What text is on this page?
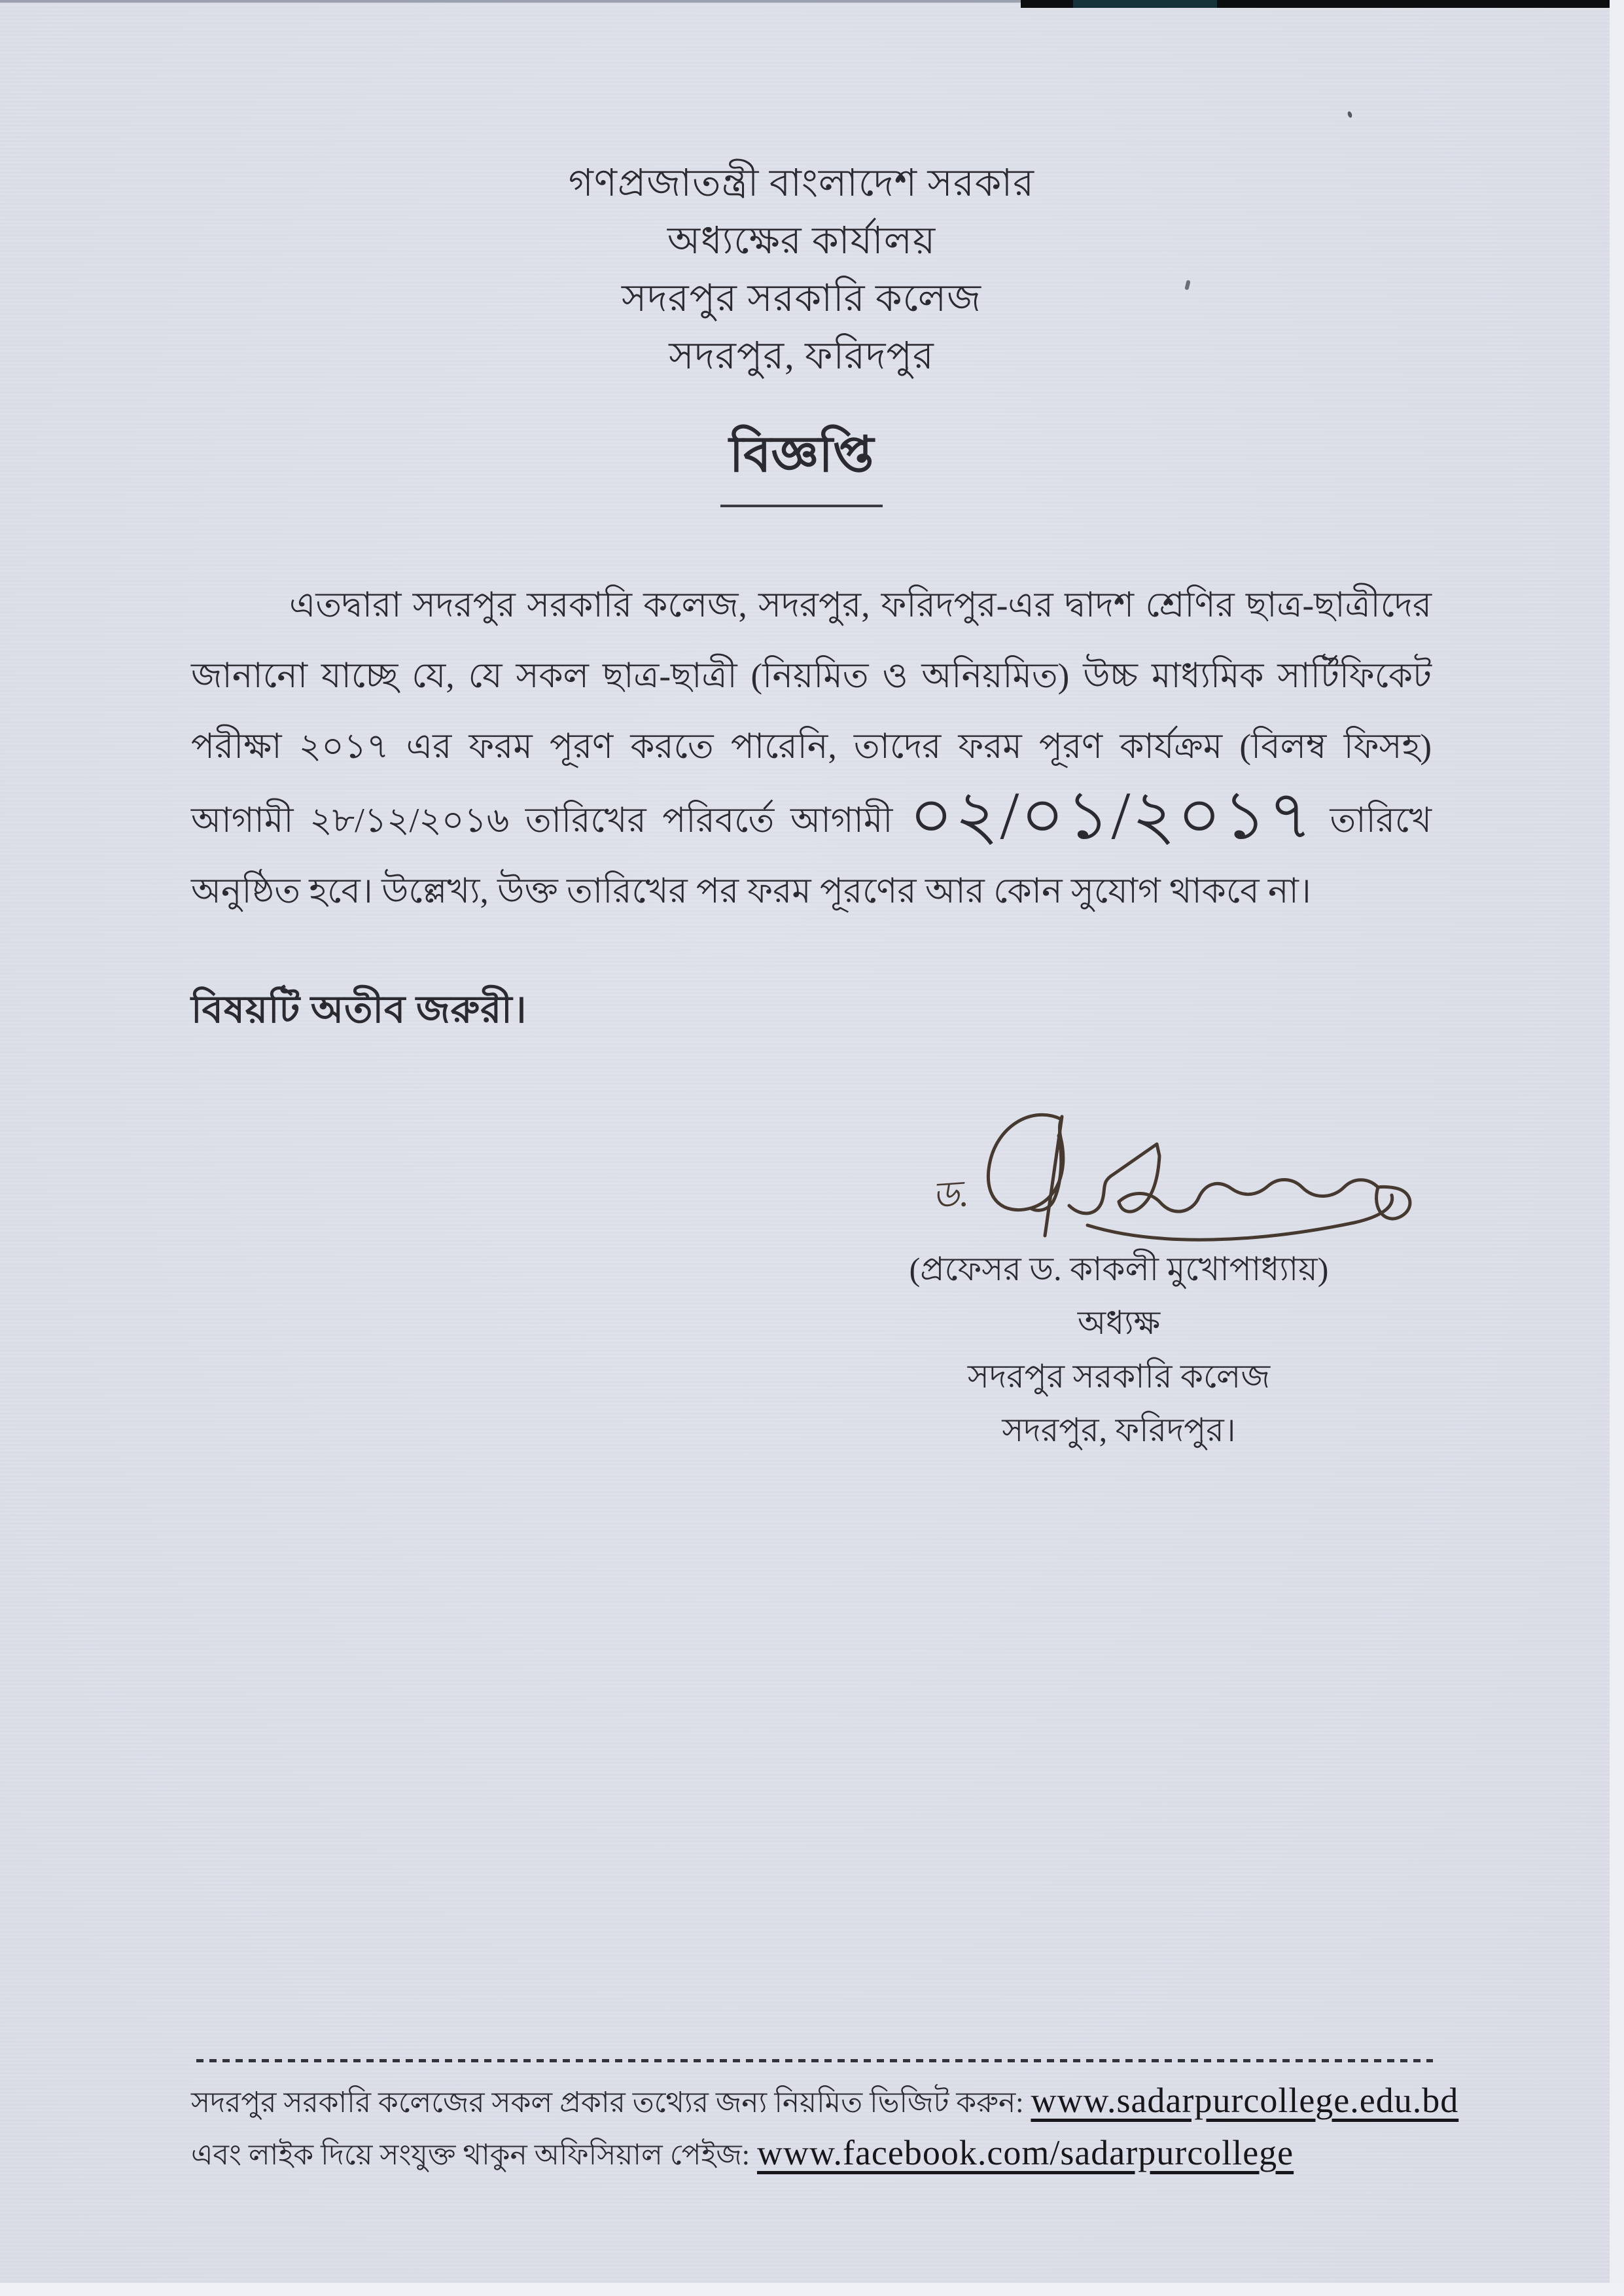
গণপ্রজাতন্ত্রী বাংলাদেশ সরকার
অধ্যক্ষের কার্যালয়
সদরপুর সরকারি কলেজ
সদরপুর, ফরিদপুর
বিজ্ঞপ্তি

এতদ্বারা সদরপুর সরকারি কলেজ, সদরপুর, ফরিদপুর-এর দ্বাদশ শ্রেণির ছাত্র-ছাত্রীদের জানানো যাচ্ছে যে, যে সকল ছাত্র-ছাত্রী (নিয়মিত ও অনিয়মিত) উচ্চ মাধ্যমিক সার্টিফিকেট পরীক্ষা ২০১৭ এর ফরম পূরণ করতে পারেনি, তাদের ফরম পূরণ কার্যক্রম (বিলম্ব ফিসহ) আগামী ২৮/১২/২০১৬ তারিখের পরিবর্তে আগামী ০২/০১/২০১৭ তারিখে অনুষ্ঠিত হবে। উল্লেখ্য, উক্ত তারিখের পর ফরম পূরণের আর কোন সুযোগ থাকবে না।

বিষয়টি অতীব জরুরী।
ড.
(প্রফেসর ড. কাকলী মুখোপাধ্যায়)
অধ্যক্ষ
সদরপুর সরকারি কলেজ
সদরপুর, ফরিদপুর।
সদরপুর সরকারি কলেজের সকল প্রকার তথ্যের জন্য নিয়মিত ভিজিট করুন: www.sadarpurcollege.edu.bd
এবং লাইক দিয়ে সংযুক্ত থাকুন অফিসিয়াল পেইজ: www.facebook.com/sadarpurcollege
